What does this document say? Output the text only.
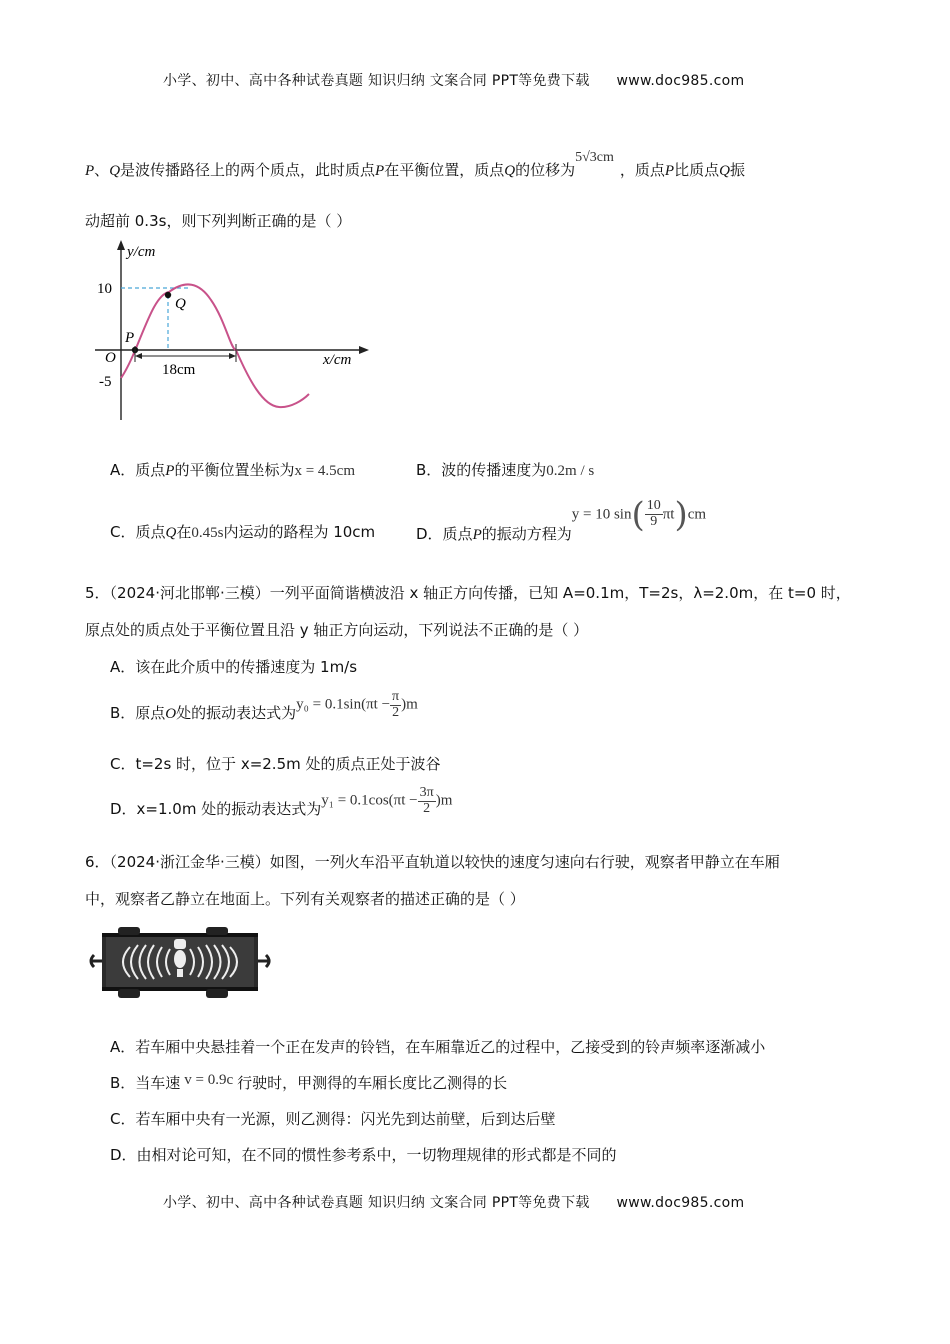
小学、初中、高中各种试卷真题 知识归纳 文案合同 PPT等免费下载 www.doc985.com
P、Q是波传播路径上的两个质点，此时质点P在平衡位置，质点Q的位移为5√3cm，质点P比质点Q振
动超前 0.3s，则下列判断正确的是（ ）
y/cm
x/cm
10
-5
O
P
Q
18cm
A．质点P的平衡位置坐标为x = 4.5cm	B．波的传播速度为0.2m / s
C．质点Q在0.45s内运动的路程为 10cm	D．质点P的振动方程为y = 10 $\sin( \frac{10}{9} \pi t)cm$
5．（2024·河北邯郸·三模）一列平面简谐横波沿 x 轴正方向传播，已知 A=0.1m，T=2s，λ=2.0m，在 t=0 时，
原点处的质点处于平衡位置且沿 y 轴正方向运动，下列说法不正确的是（ ）
A．该在此介质中的传播速度为 1m/s
B．原点O处的振动表达式为$y_0 = 0.1\sin(\pi t - \frac{\pi}{2} )m$
C．t=2s 时，位于 x=2.5m 处的质点正处于波谷
D．x=1.0m 处的振动表达式为$y_1 = 0.1\cos(\pi t - \frac{3\pi}{2} )m$
6．（2024·浙江金华·三模）如图，一列火车沿平直轨道以较快的速度匀速向右行驶，观察者甲静立在车厢
中，观察者乙静立在地面上。下列有关观察者的描述正确的是（ ）
A．若车厢中央悬挂着一个正在发声的铃铛，在车厢靠近乙的过程中，乙接受到的铃声频率逐渐减小
B．当车速 v = 0.9c 行驶时，甲测得的车厢长度比乙测得的长
C．若车厢中央有一光源，则乙测得：闪光先到达前壁，后到达后壁
D．由相对论可知，在不同的惯性参考系中，一切物理规律的形式都是不同的
小学、初中、高中各种试卷真题 知识归纳 文案合同 PPT等免费下载 www.doc985.com
